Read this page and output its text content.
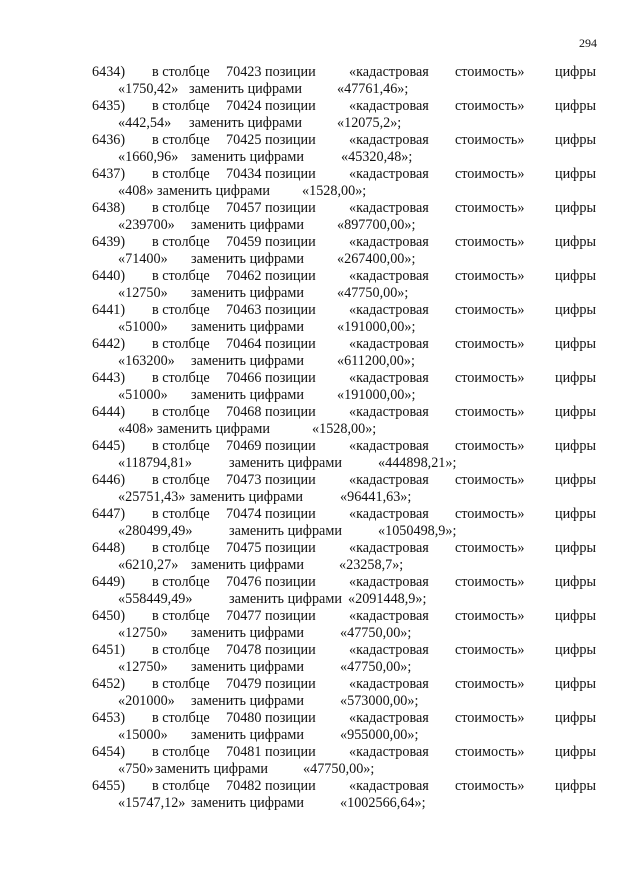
294
6434) в столбце 70423 позиции «кадастровая стоимость» цифры
«1750,42» заменить цифрами «47761,46»;
6435) в столбце 70424 позиции «кадастровая стоимость» цифры
«442,54» заменить цифрами «12075,2»;
6436) в столбце 70425 позиции «кадастровая стоимость» цифры
«1660,96» заменить цифрами	«45320,48»;
6437) в столбце 70434 позиции «кадастровая стоимость» цифры
«408» заменить цифрами «1528,00»;
6438) в столбце 70457 позиции «кадастровая стоимость» цифры
«239700» заменить цифрами «897700,00»;
6439) в столбце 70459 позиции «кадастровая стоимость» цифры
«71400» заменить цифрами «267400,00»;
6440) в столбце 70462 позиции «кадастровая стоимость» цифры
«12750» заменить цифрами «47750,00»;
6441) в столбце 70463 позиции «кадастровая стоимость» цифры
«51000» заменить цифрами «191000,00»;
6442) в столбце 70464 позиции «кадастровая стоимость» цифры
«163200» заменить цифрами «611200,00»;
6443) в столбце 70466 позиции «кадастровая стоимость» цифры
«51000» заменить цифрами «191000,00»;
6444) в столбце 70468 позиции «кадастровая стоимость» цифры
«408» заменить цифрами	«1528,00»;
6445) в столбце 70469 позиции «кадастровая стоимость» цифры
«118794,81»	заменить цифрами	«444898,21»;
6446) в столбце 70473 позиции «кадастровая стоимость» цифры
«25751,43» заменить цифрами	«96441,63»;
6447) в столбце 70474 позиции «кадастровая стоимость» цифры
«280499,49»	заменить цифрами	«1050498,9»;
6448) в столбце 70475 позиции «кадастровая стоимость» цифры
«6210,27» заменить цифрами «23258,7»;
6449) в столбце 70476 позиции «кадастровая стоимость» цифры
«558449,49»	заменить цифрами «2091448,9»;
6450) в столбце 70477 позиции «кадастровая стоимость» цифры
«12750» заменить цифрами	«47750,00»;
6451) в столбце 70478 позиции «кадастровая стоимость» цифры
«12750» заменить цифрами	«47750,00»;
6452) в столбце 70479 позиции «кадастровая стоимость» цифры
«201000» заменить цифрами	«573000,00»;
6453) в столбце 70480 позиции «кадастровая стоимость» цифры
«15000» заменить цифрами	«955000,00»;
6454) в столбце 70481 позиции «кадастровая стоимость» цифры
«750» заменить цифрами «47750,00»;
6455) в столбце 70482 позиции «кадастровая стоимость» цифры
«15747,12» заменить цифрами	«1002566,64»;
